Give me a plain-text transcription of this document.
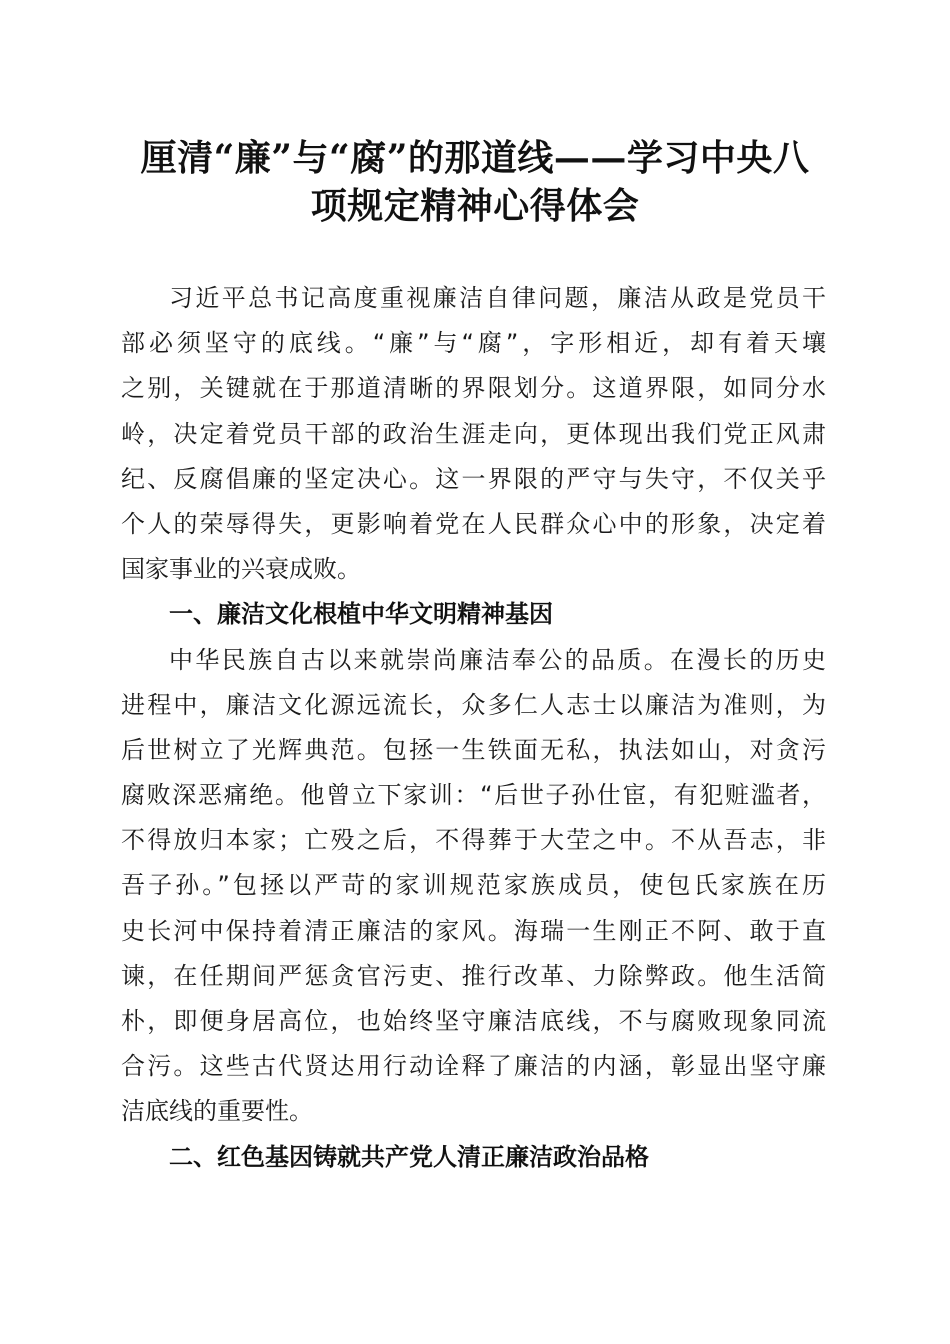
厘清“廉”与“腐”的那道线——学习中央八
项规定精神心得体会
习近平总书记高度重视廉洁自律问题，廉洁从政是党员干
部必须坚守的底线。“廉”与“腐”，字形相近，却有着天壤
之别，关键就在于那道清晰的界限划分。这道界限，如同分水
岭，决定着党员干部的政治生涯走向，更体现出我们党正风肃
纪、反腐倡廉的坚定决心。这一界限的严守与失守，不仅关乎
个人的荣辱得失，更影响着党在人民群众心中的形象，决定着
国家事业的兴衰成败。
一、廉洁文化根植中华文明精神基因
中华民族自古以来就崇尚廉洁奉公的品质。在漫长的历史
进程中，廉洁文化源远流长，众多仁人志士以廉洁为准则，为
后世树立了光辉典范。包拯一生铁面无私，执法如山，对贪污
腐败深恶痛绝。他曾立下家训：“后世子孙仕宦，有犯赃滥者，
不得放归本家；亡殁之后，不得葬于大茔之中。不从吾志，非
吾子孙。”包拯以严苛的家训规范家族成员，使包氏家族在历
史长河中保持着清正廉洁的家风。海瑞一生刚正不阿、敢于直
谏，在任期间严惩贪官污吏、推行改革、力除弊政。他生活简
朴，即便身居高位，也始终坚守廉洁底线，不与腐败现象同流
合污。这些古代贤达用行动诠释了廉洁的内涵，彰显出坚守廉
洁底线的重要性。
二、红色基因铸就共产党人清正廉洁政治品格
